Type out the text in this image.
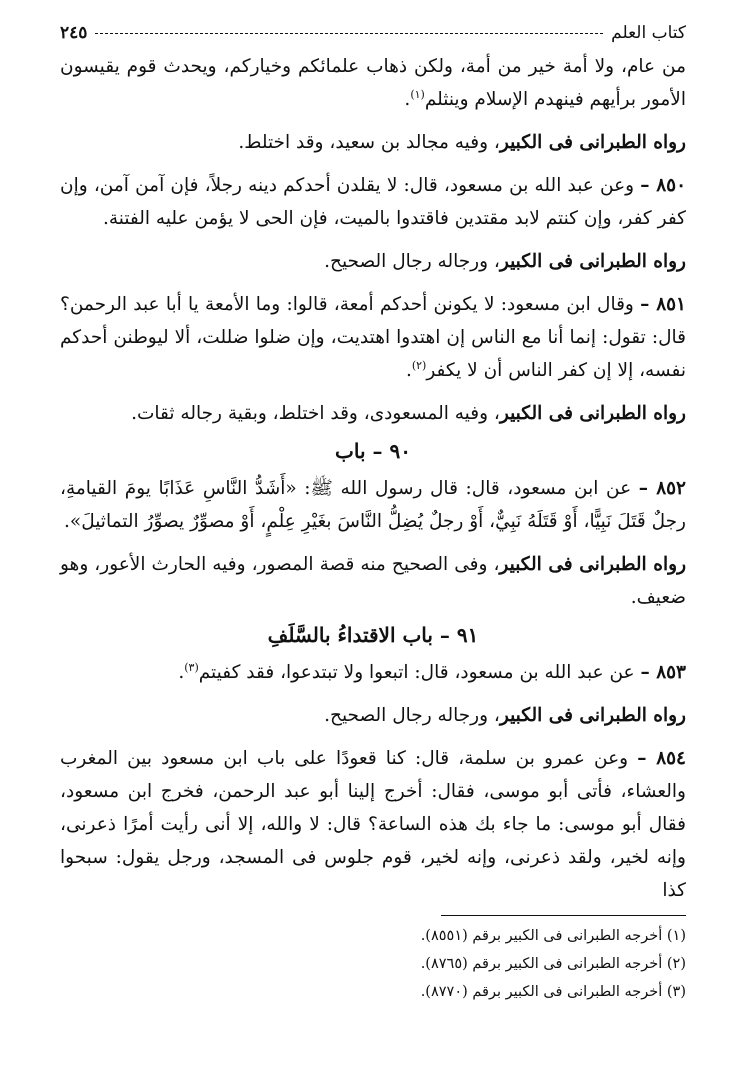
كتاب العلم
٢٤٥

من عام، ولا أمة خير من أمة، ولكن ذهاب علمائكم وخياركم، ويحدث قوم يقيسون الأمور برأيهم فينهدم الإسلام وينثلم$^{(١)}$.

رواه الطبرانى فى الكبير، وفيه مجالد بن سعيد، وقد اختلط.

٨٥٠ – وعن عبد الله بن مسعود، قال: لا يقلدن أحدكم دينه رجلاً، فإن آمن آمن، وإن كفر كفر، وإن كنتم لابد مقتدين فاقتدوا بالميت، فإن الحى لا يؤمن عليه الفتنة.

رواه الطبرانى فى الكبير، ورجاله رجال الصحيح.

٨٥١ – وقال ابن مسعود: لا يكونن أحدكم أمعة، قالوا: وما الأمعة يا أبا عبد الرحمن؟ قال: تقول: إنما أنا مع الناس إن اهتدوا اهتديت، وإن ضلوا ضللت، ألا ليوطنن أحدكم نفسه، إلا إن كفر الناس أن لا يكفر$^{(٢)}$.

رواه الطبرانى فى الكبير، وفيه المسعودى، وقد اختلط، وبقية رجاله ثقات.

٩٠ – باب

٨٥٢ – عن ابن مسعود، قال: قال رسول الله ﷺ: «أَشَدُّ النَّاسِ عَذَابًا يومَ القيامةِ، رجلٌ قَتَلَ نَبِيًّا، أَوْ قَتَلَهُ نَبِيٌّ، أَوْ رجلٌ يُضِلُّ النَّاسَ بغَيْرِ عِلْمٍ، أَوْ مصوِّرٌ يصوِّرُ التماثيلَ».

رواه الطبرانى فى الكبير، وفى الصحيح منه قصة المصور، وفيه الحارث الأعور، وهو ضعيف.

٩١ – باب الاقتداءُ بالسَّلَفِ

٨٥٣ – عن عبد الله بن مسعود، قال: اتبعوا ولا تبتدعوا، فقد كفيتم$^{(٣)}$.

رواه الطبرانى فى الكبير، ورجاله رجال الصحيح.

٨٥٤ – وعن عمرو بن سلمة، قال: كنا قعودًا على باب ابن مسعود بين المغرب والعشاء، فأتى أبو موسى، فقال: أخرج إلينا أبو عبد الرحمن، فخرج ابن مسعود، فقال أبو موسى: ما جاء بك هذه الساعة؟ قال: لا والله، إلا أنى رأيت أمرًا ذعرنى، وإنه لخير، ولقد ذعرنى، وإنه لخير، قوم جلوس فى المسجد، ورجل يقول: سبحوا كذا

(١) أخرجه الطبرانى فى الكبير برقم (٨٥٥١).

(٢) أخرجه الطبرانى فى الكبير برقم (٨٧٦٥).

(٣) أخرجه الطبرانى فى الكبير برقم (٨٧٧٠).
